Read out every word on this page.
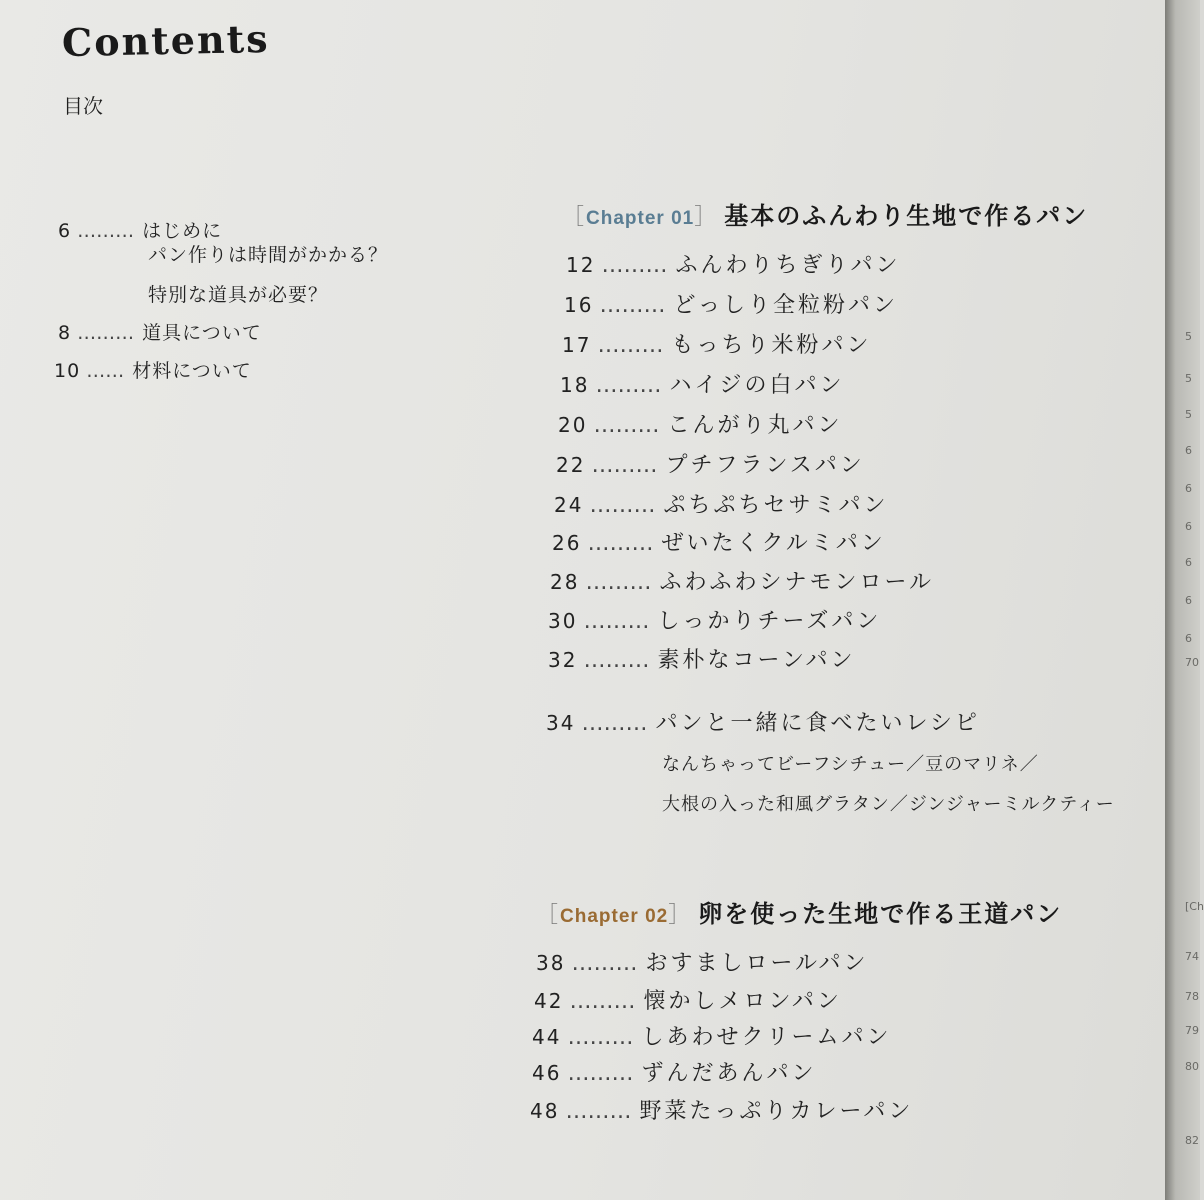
Contents
目次
6 ……… はじめに
パン作りは時間がかかる？
特別な道具が必要？
8 ……… 道具について
10 …… 材料について
［Chapter 01］ 基本のふんわり生地で作るパン
12 ……… ふんわりちぎりパン
16 ……… どっしり全粒粉パン
17 ……… もっちり米粉パン
18 ……… ハイジの白パン
20 ……… こんがり丸パン
22 ……… プチフランスパン
24 ……… ぷちぷちセサミパン
26 ……… ぜいたくクルミパン
28 ……… ふわふわシナモンロール
30 ……… しっかりチーズパン
32 ……… 素朴なコーンパン
34 ……… パンと一緒に食べたいレシピ
なんちゃってビーフシチュー／豆のマリネ／
大根の入った和風グラタン／ジンジャーミルクティー
［Chapter 02］ 卵を使った生地で作る王道パン
38 ……… おすましロールパン
42 ……… 懐かしメロンパン
44 ……… しあわせクリームパン
46 ……… ずんだあんパン
48 ……… 野菜たっぷりカレーパン
5
5
5
6
6
6
6
6
6
70
[Ch
74
78
79
80
82
